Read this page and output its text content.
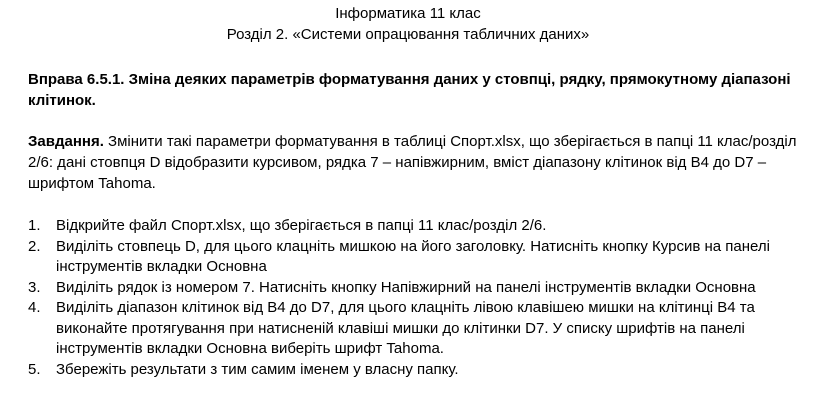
Інформатика 11 клас
Розділ 2. «Системи опрацювання табличних даних»
Вправа 6.5.1. Зміна деяких параметрів форматування даних у стовпці, рядку, прямокутному діапазоні клітинок.
Завдання. Змінити такі параметри форматування в таблиці Спорт.xlsx, що зберігається в папці 11 клас/розділ 2/6: дані стовпця D відобразити курсивом, рядка 7 – напівжирним, вміст діапазону клітинок від B4 до D7 – шрифтом Tahoma.
1. Відкрийте файл Спорт.xlsx, що зберігається в папці 11 клас/розділ 2/6.
2. Виділіть стовпець D, для цього клацніть мишкою на його заголовку. Натисніть кнопку Курсив на панелі інструментів вкладки Основна
3. Виділіть рядок із номером 7. Натисніть кнопку Напівжирний на панелі інструментів вкладки Основна
4. Виділіть діапазон клітинок від B4 до D7, для цього клацніть лівою клавішею мишки на клітинці B4 та виконайте протягування при натисненій клавіші мишки до клітинки D7. У списку шрифтів на панелі інструментів вкладки Основна виберіть шрифт Tahoma.
5. Збережіть результати з тим самим іменем у власну папку.
